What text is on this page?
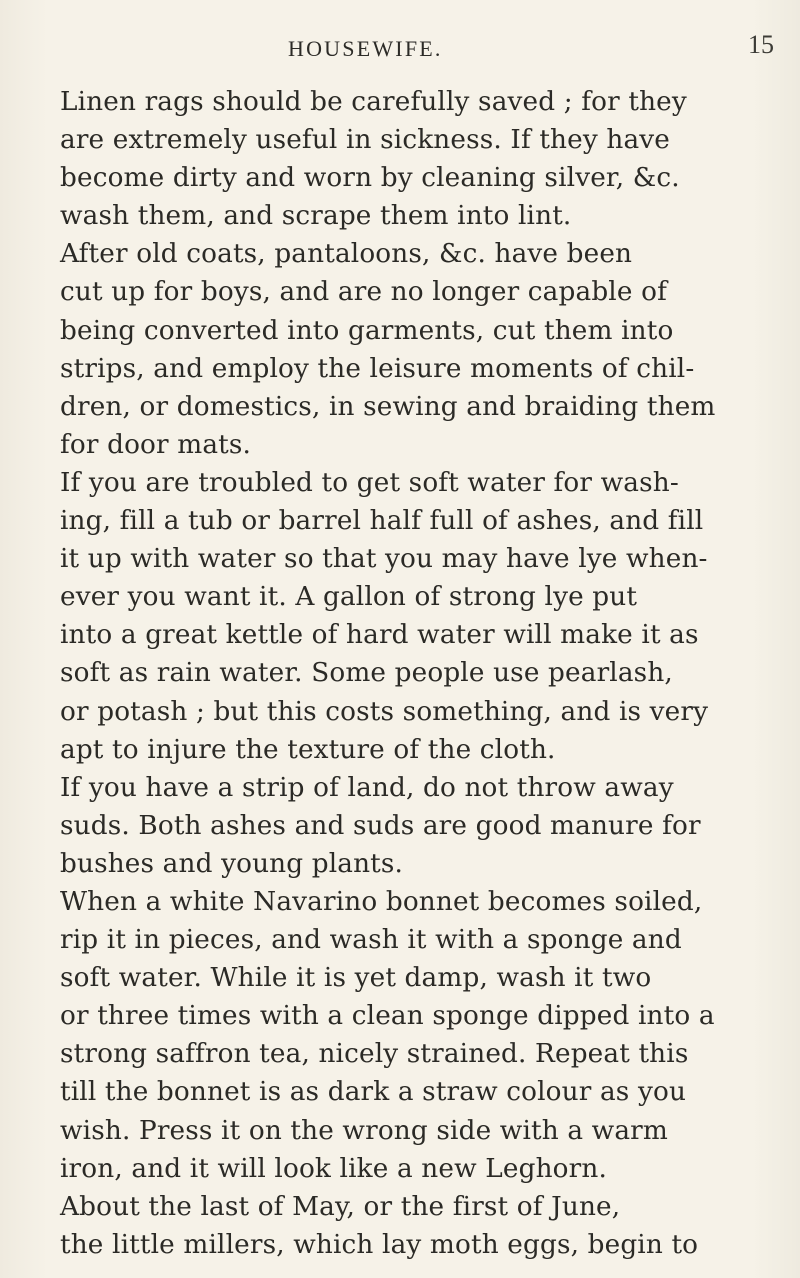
HOUSEWIFE.	15
Linen rags should be carefully saved ; for they
are extremely useful in sickness. If they have
become dirty and worn by cleaning silver, &c.
wash them, and scrape them into lint.
After old coats, pantaloons, &c. have been
cut up for boys, and are no longer capable of
being converted into garments, cut them into
strips, and employ the leisure moments of chil-
dren, or domestics, in sewing and braiding them
for door mats.
If you are troubled to get soft water for wash-
ing, fill a tub or barrel half full of ashes, and fill
it up with water so that you may have lye when-
ever you want it. A gallon of strong lye put
into a great kettle of hard water will make it as
soft as rain water. Some people use pearlash,
or potash ; but this costs something, and is very
apt to injure the texture of the cloth.
If you have a strip of land, do not throw away
suds. Both ashes and suds are good manure for
bushes and young plants.
When a white Navarino bonnet becomes soiled,
rip it in pieces, and wash it with a sponge and
soft water. While it is yet damp, wash it two
or three times with a clean sponge dipped into a
strong saffron tea, nicely strained. Repeat this
till the bonnet is as dark a straw colour as you
wish. Press it on the wrong side with a warm
iron, and it will look like a new Leghorn.
About the last of May, or the first of June,
the little millers, which lay moth eggs, begin to
